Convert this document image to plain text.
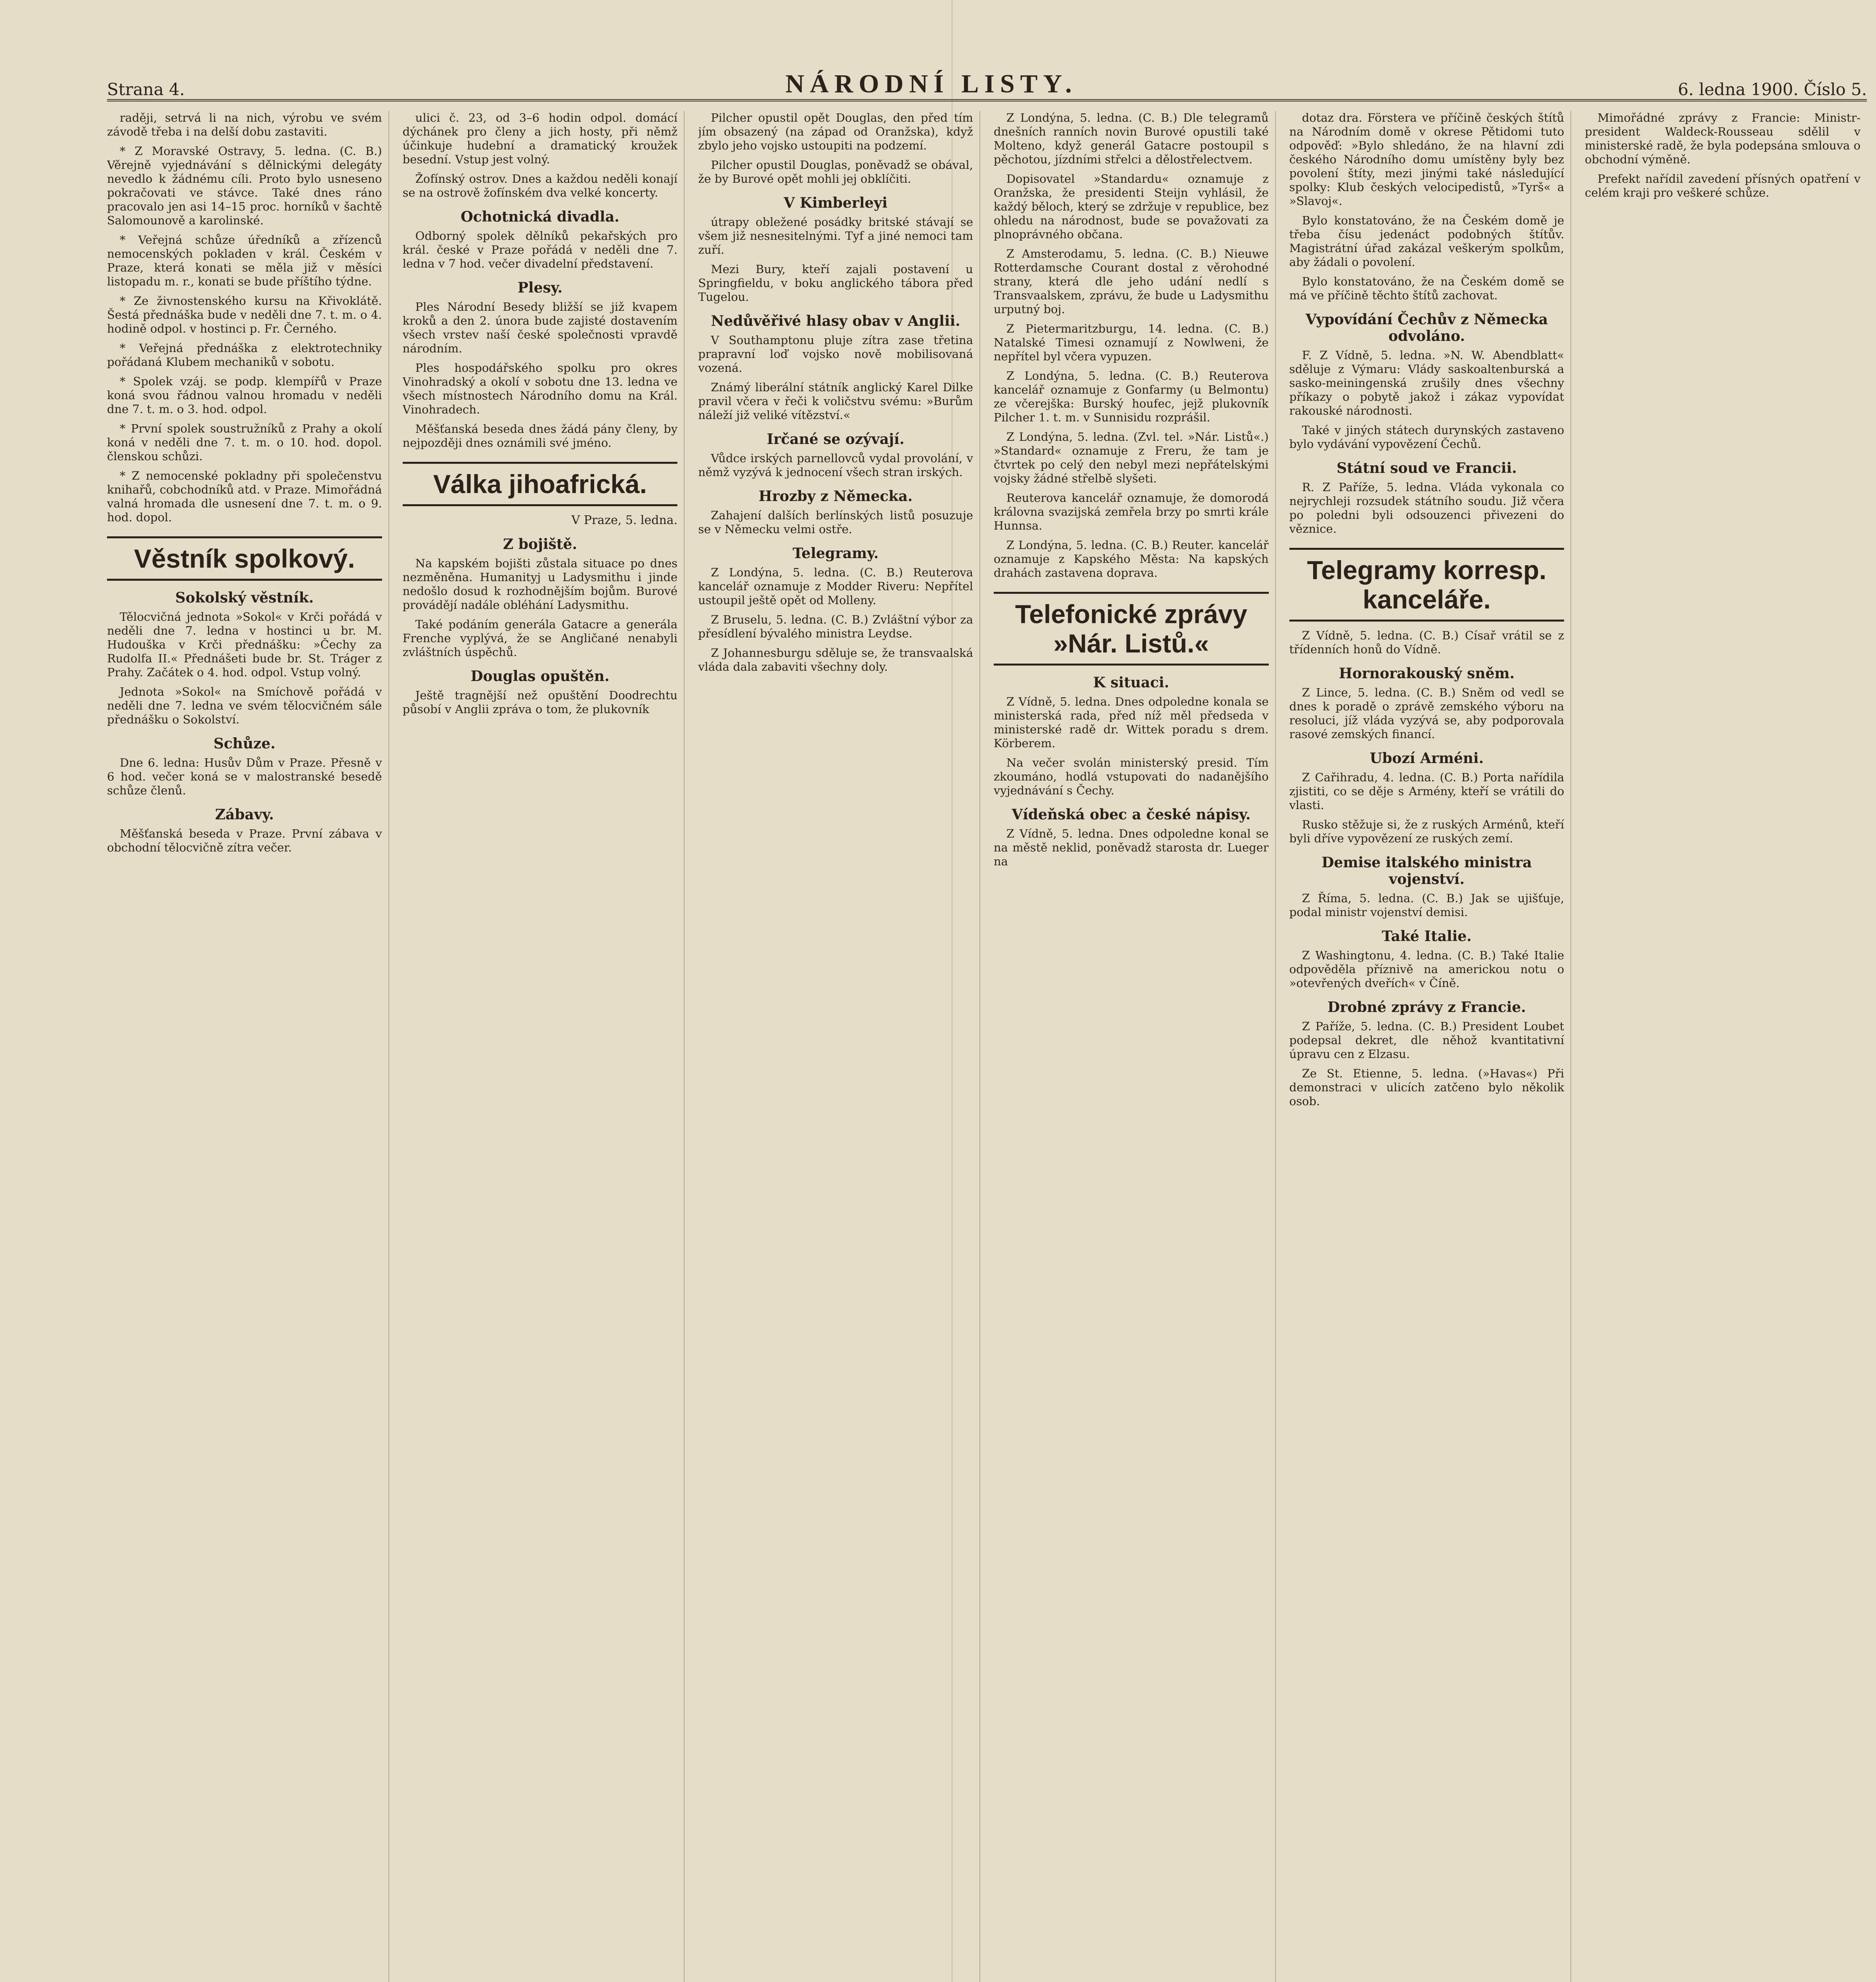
Strana 4.	NÁRODNÍ LISTY.	6. ledna 1900. Číslo 5.

raději, setrvá li na nich, výrobu ve svém závodě třeba i na delší dobu zastaviti.

* Z Moravské Ostravy, 5. ledna. (C. B.) Věrejně vyjednávání s dělnickými delegáty nevedlo k žádnému cíli. Proto bylo usneseno pokračovati ve stávce. Také dnes ráno pracovalo jen asi 14–15 proc. horníků v šachtě Salomounově a karolinské.

* Veřejná schůze úředníků a zřízenců nemocenských pokladen v král. Českém v Praze, která konati se měla již v měsíci listopadu m. r., konati se bude příštího týdne.

* Ze živnostenského kursu na Křivoklátě. Šestá přednáška bude v neděli dne 7. t. m. o 4. hodině odpol. v hostinci p. Fr. Černého.

* Veřejná přednáška z elektrotechniky pořádaná Klubem mechaniků v sobotu.

* Spolek vzáj. se podp. klempířů v Praze koná svou řádnou valnou hromadu v neděli dne 7. t. m. o 3. hod. odpol.

* První spolek soustružníků z Prahy a okolí koná v neděli dne 7. t. m. o 10. hod. dopol. členskou schůzi.

* Z nemocenské pokladny při společenstvu knihařů, cobchodníků atd. v Praze. Mimořádná valná hromada dle usnesení dne 7. t. m. o 9. hod. dopol.

Věstník spolkový.
Sokolský věstník.

Tělocvičná jednota »Sokol« v Krči pořádá v neděli dne 7. ledna v hostinci u br. M. Hudouška v Krči přednášku: »Čechy za Rudolfa II.« Přednášeti bude br. St. Tráger z Prahy. Začátek o 4. hod. odpol. Vstup volný.

Jednota »Sokol« na Smíchově pořádá v neděli dne 7. ledna ve svém tělocvičném sále přednášku o Sokolství.

Schůze.

Dne 6. ledna: Husův Dům v Praze. Přesně v 6 hod. večer koná se v malostranské besedě schůze členů.

Zábavy.

Měšťanská beseda v Praze. První zábava v obchodní tělocvičně zítra večer.

ulici č. 23, od 3–6 hodin odpol. domácí dýchánek pro členy a jich hosty, při němž účinkuje hudební a dramatický kroužek besední. Vstup jest volný.

Žofínský ostrov. Dnes a každou neděli konají se na ostrově žofínském dva velké koncerty.

Ochotnická divadla.

Odborný spolek dělníků pekařských pro král. české v Praze pořádá v neděli dne 7. ledna v 7 hod. večer divadelní představení.

Plesy.

Ples Národní Besedy bližší se již kvapem kroků a den 2. února bude zajisté dostavením všech vrstev naší české společnosti vpravdě národním.

Ples hospodářského spolku pro okres Vinohradský a okolí v sobotu dne 13. ledna ve všech místnostech Národního domu na Král. Vinohradech.

Měšťanská beseda dnes žádá pány členy, by nejpozději dnes oznámili své jméno.

Válka jihoafrická.
V Praze, 5. ledna.
Z bojiště.

Na kapském bojišti zůstala situace po dnes nezměněna. Humanityj u Ladysmithu i jinde nedošlo dosud k rozhodnějším bojům. Burové provádějí nadále obléhání Ladysmithu.

Také podáním generála Gatacre a generála Frenche vyplývá, že se Angličané nenabyli zvláštních úspěchů.

Douglas opuštěn.

Ještě tragnější než opuštění Doodrechtu působí v Anglii zpráva o tom, že plukovník

Pilcher opustil opět Douglas, den před tím jím obsazený (na západ od Oranžska), když zbylo jeho vojsko ustoupiti na podzemí.

Pilcher opustil Douglas, poněvadž se obával, že by Burové opět mohli jej obklíčiti.

V Kimberleyi

útrapy obležené posádky britské stávají se všem již nesnesitelnými. Tyf a jiné nemoci tam zuří.

Mezi Bury, kteří zajali postavení u Springfieldu, v boku anglického tábora před Tugelou.

Nedůvěřivé hlasy obav v Anglii.

V Southamptonu pluje zítra zase třetina prapravní loď vojsko nově mobilisovaná vozená.

Známý liberální státník anglický Karel Dilke pravil včera v řeči k voličstvu svému: »Burům náleží již veliké vítězství.«

Irčané se ozývají.

Vůdce irských parnellovců vydal provolání, v němž vyzývá k jednocení všech stran irských.

Hrozby z Německa.

Zahajení dalších berlínských listů posuzuje se v Německu velmi ostře.

Telegramy.

Z Londýna, 5. ledna. (C. B.) Reuterova kancelář oznamuje z Modder Riveru: Nepřítel ustoupil ještě opět od Molleny.

Z Bruselu, 5. ledna. (C. B.) Zvláštní výbor za přesídlení bývalého ministra Leydse.

Z Johannesburgu sděluje se, že transvaalská vláda dala zabaviti všechny doly.

Z Londýna, 5. ledna. (C. B.) Dle telegramů dnešních ranních novin Burové opustili také Molteno, když generál Gatacre postoupil s pěchotou, jízdními střelci a dělostřelectvem.

Dopisovatel »Standardu« oznamuje z Oranžska, že presidenti Steijn vyhlásil, že každý běloch, který se zdržuje v republice, bez ohledu na národnost, bude se považovati za plnoprávného občana.

Z Amsterodamu, 5. ledna. (C. B.) Nieuwe Rotterdamsche Courant dostal z věrohodné strany, která dle jeho udání nedlí s Transvaalskem, zprávu, že bude u Ladysmithu urputný boj.

Z Pietermaritzburgu, 14. ledna. (C. B.) Natalské Timesi oznamují z Nowlweni, že nepřítel byl včera vypuzen.

Z Londýna, 5. ledna. (C. B.) Reuterova kancelář oznamuje z Gonfarmy (u Belmontu) ze včerejška: Burský houfec, jejž plukovník Pilcher 1. t. m. v Sunnisidu rozprášil.

Z Londýna, 5. ledna. (Zvl. tel. »Nár. Listů«.) »Standard« oznamuje z Freru, že tam je čtvrtek po celý den nebyl mezi nepřátelskými vojsky žádné střelbě slyšeti.

Reuterova kancelář oznamuje, že domorodá královna svazijská zemřela brzy po smrti krále Hunnsa.

Z Londýna, 5. ledna. (C. B.) Reuter. kancelář oznamuje z Kapského Města: Na kapských drahách zastavena doprava.

Telefonické zprávy »Nár. Listů.«
K situaci.

Z Vídně, 5. ledna. Dnes odpoledne konala se ministerská rada, před níž měl předseda v ministerské radě dr. Wittek poradu s drem. Körberem.

Na večer svolán ministerský presid. Tím zkoumáno, hodlá vstupovati do nadanějšího vyjednávání s Čechy.

Vídeňská obec a české nápisy.

Z Vídně, 5. ledna. Dnes odpoledne konal se na městě neklid, poněvadž starosta dr. Lueger na

dotaz dra. Förstera ve příčině českých štítů na Národním domě v okrese Pětidomi tuto odpověď: »Bylo shledáno, že na hlavní zdi českého Národního domu umístěny byly bez povolení štíty, mezi jinými také následující spolky: Klub českých velocipedistů, »Tyrš« a »Slavoj«.

Bylo konstatováno, že na Českém domě je třeba čísu jedenáct podobných štítův. Magistrátní úřad zakázal veškerým spolkům, aby žádali o povolení.

Bylo konstatováno, že na Českém domě se má ve příčině těchto štítů zachovat.

Vypovídání Čechův z Německa odvoláno.

F. Z Vídně, 5. ledna. »N. W. Abendblatt« sděluje z Výmaru: Vlády saskoaltenburská a sasko-meiningenská zrušily dnes všechny příkazy o pobytě jakož i zákaz vypovídat rakouské národnosti.

Také v jiných státech durynských zastaveno bylo vydávání vypovězení Čechů.

Státní soud ve Francii.

R. Z Paříže, 5. ledna. Vláda vykonala co nejrychleji rozsudek státního soudu. Již včera po poledni byli odsouzenci přivezeni do věznice.

Telegramy korresp. kanceláře.

Z Vídně, 5. ledna. (C. B.) Císař vrátil se z třídenních honů do Vídně.

Hornorakouský sněm.

Z Lince, 5. ledna. (C. B.) Sněm od vedl se dnes k poradě o zprávě zemského výboru na resoluci, jíž vláda vyzývá se, aby podporovala rasové zemských financí.

Ubozí Arméni.

Z Cařihradu, 4. ledna. (C. B.) Porta nařídila zjistiti, co se děje s Armény, kteří se vrátili do vlasti.

Rusko stěžuje si, že z ruských Arménů, kteří byli dříve vypovězení ze ruských zemí.

Demise italského ministra vojenství.

Z Říma, 5. ledna. (C. B.) Jak se ujišťuje, podal ministr vojenství demisi.

Také Italie.

Z Washingtonu, 4. ledna. (C. B.) Také Italie odpověděla příznivě na americkou notu o »otevřených dveřích« v Číně.

Drobné zprávy z Francie.

Z Paříže, 5. ledna. (C. B.) President Loubet podepsal dekret, dle něhož kvantitativní úpravu cen z Elzasu.

Ze St. Etienne, 5. ledna. (»Havas«) Při demonstraci v ulicích zatčeno bylo několik osob.

Mimořádné zprávy z Francie: Ministr-president Waldeck-Rousseau sdělil v ministerské radě, že byla podepsána smlouva o obchodní výměně.

Prefekt nařídil zavedení přísných opatření v celém kraji pro veškeré schůze.
